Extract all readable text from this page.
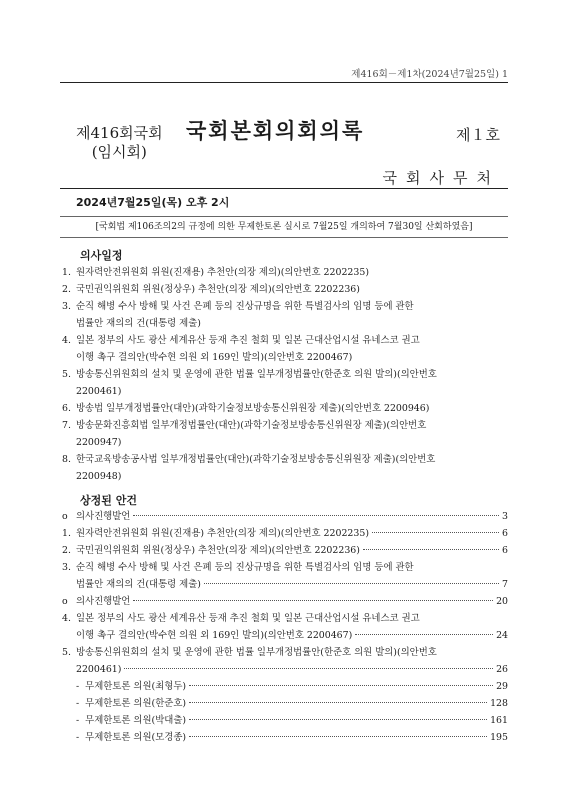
제416회－제1차(2024년7월25일) 1
제416회국회
(임시회)
국회본회의회의록	제１호
국회사무처
2024년7월25일(목) 오후 2시
[국회법 제106조의2의 규정에 의한 무제한토론 실시로 7월25일 개의하여 7월30일 산회하였음]
의사일정
1. 원자력안전위원회 위원(진재용) 추천안(의장 제의)(의안번호 2202235)
2. 국민권익위원회 위원(정상우) 추천안(의장 제의)(의안번호 2202236)
3. 순직 해병 수사 방해 및 사건 은폐 등의 진상규명을 위한 특별검사의 임명 등에 관한
법률안 재의의 건(대통령 제출)
4. 일본 정부의 사도 광산 세계유산 등재 추진 철회 및 일본 근대산업시설 유네스코 권고
이행 촉구 결의안(박수현 의원 외 169인 발의)(의안번호 2200467)
5. 방송통신위원회의 설치 및 운영에 관한 법률 일부개정법률안(한준호 의원 발의)(의안번호
2200461)
6. 방송법 일부개정법률안(대안)(과학기술정보방송통신위원장 제출)(의안번호 2200946)
7. 방송문화진흥회법 일부개정법률안(대안)(과학기술정보방송통신위원장 제출)(의안번호
2200947)
8. 한국교육방송공사법 일부개정법률안(대안)(과학기술정보방송통신위원장 제출)(의안번호
2200948)
상정된 안건
o 의사진행발언	3
1. 원자력안전위원회 위원(진재용) 추천안(의장 제의)(의안번호 2202235)	6
2. 국민권익위원회 위원(정상우) 추천안(의장 제의)(의안번호 2202236)	6
3. 순직 해병 수사 방해 및 사건 은폐 등의 진상규명을 위한 특별검사의 임명 등에 관한
법률안 재의의 건(대통령 제출)	7
o 의사진행발언	20
4. 일본 정부의 사도 광산 세계유산 등재 추진 철회 및 일본 근대산업시설 유네스코 권고
이행 촉구 결의안(박수현 의원 외 169인 발의)(의안번호 2200467)	24
5. 방송통신위원회의 설치 및 운영에 관한 법률 일부개정법률안(한준호 의원 발의)(의안번호
2200461)	26
- 무제한토론 의원(최형두)	29
- 무제한토론 의원(한준호)	128
- 무제한토론 의원(박대출)	161
- 무제한토론 의원(모경종)	195
